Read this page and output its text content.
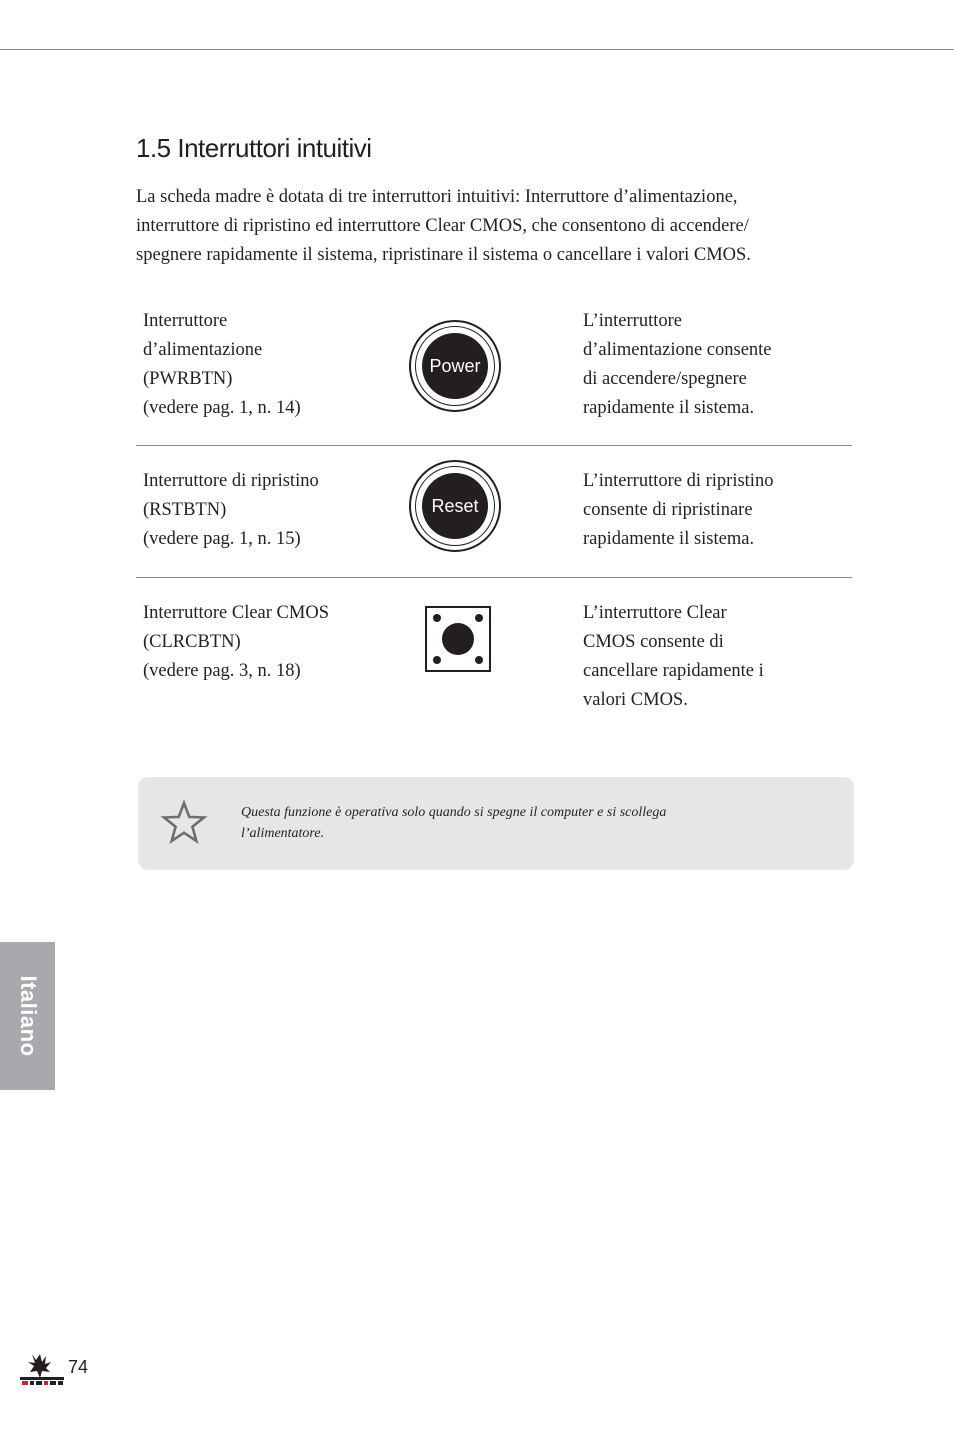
1.5 Interruttori intuitivi
La scheda madre è dotata di tre interruttori intuitivi: Interruttore d’alimentazione,
interruttore di ripristino ed interruttore Clear CMOS, che consentono di accendere/
spegnere rapidamente il sistema, ripristinare il sistema o cancellare i valori CMOS.
Interruttore
d’alimentazione
(PWRBTN)
(vedere pag. 1, n. 14)
Power
L’interruttore
d’alimentazione consente
di accendere/spegnere
rapidamente il sistema.
Interruttore di ripristino
(RSTBTN)
(vedere pag. 1, n. 15)
Reset
L’interruttore di ripristino
consente di ripristinare
rapidamente il sistema.
Interruttore Clear CMOS
(CLRCBTN)
(vedere pag. 3, n. 18)
L’interruttore Clear
CMOS consente di
cancellare rapidamente i
valori CMOS.
Questa funzione è operativa solo quando si spegne il computer e si scollega
l’alimentatore.
Italiano
74
